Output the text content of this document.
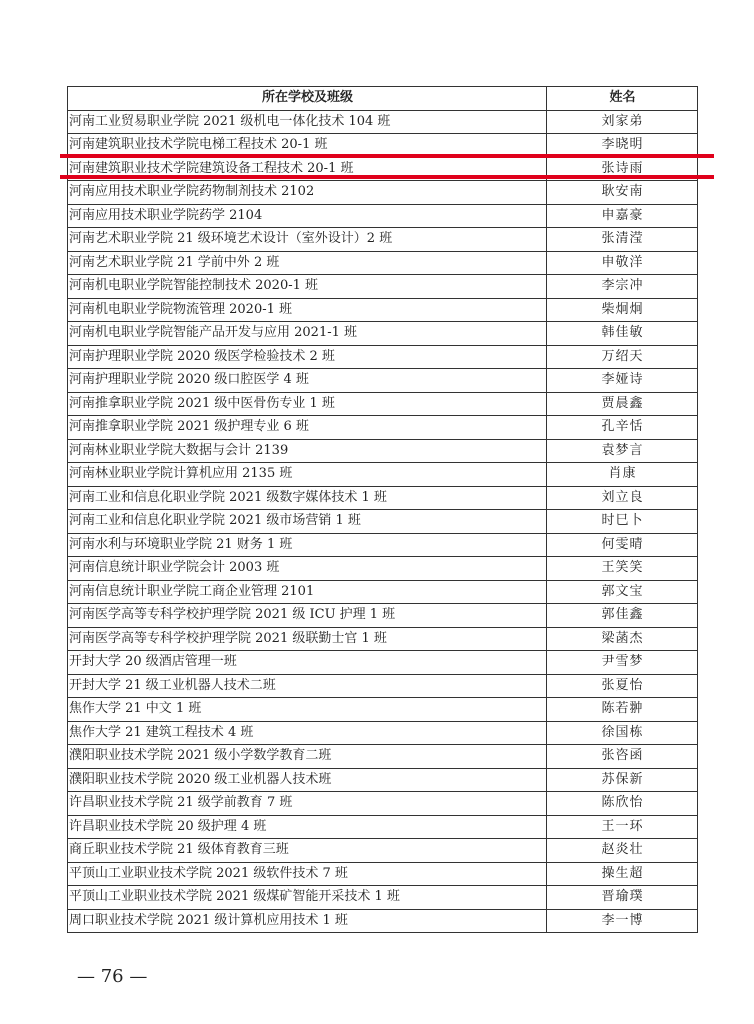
所在学校及班级	姓名
河南工业贸易职业学院 2021 级机电一体化技术 104 班	刘家弟
河南建筑职业技术学院电梯工程技术 20-1 班	李晓明
河南建筑职业技术学院建筑设备工程技术 20-1 班	张诗雨
河南应用技术职业学院药物制剂技术 2102	耿安南
河南应用技术职业学院药学 2104	申嘉豪
河南艺术职业学院 21 级环境艺术设计（室外设计）2 班	张清滢
河南艺术职业学院 21 学前中外 2 班	申敬洋
河南机电职业学院智能控制技术 2020-1 班	李宗冲
河南机电职业学院物流管理 2020-1 班	柴炯炯
河南机电职业学院智能产品开发与应用 2021-1 班	韩佳敏
河南护理职业学院 2020 级医学检验技术 2 班	万绍天
河南护理职业学院 2020 级口腔医学 4 班	李娅诗
河南推拿职业学院 2021 级中医骨伤专业 1 班	贾晨鑫
河南推拿职业学院 2021 级护理专业 6 班	孔辛恬
河南林业职业学院大数据与会计 2139	袁梦言
河南林业职业学院计算机应用 2135 班	肖康
河南工业和信息化职业学院 2021 级数字媒体技术 1 班	刘立良
河南工业和信息化职业学院 2021 级市场营销 1 班	时巳卜
河南水利与环境职业学院 21 财务 1 班	何雯晴
河南信息统计职业学院会计 2003 班	王笑笑
河南信息统计职业学院工商企业管理 2101	郭文宝
河南医学高等专科学校护理学院 2021 级 ICU 护理 1 班	郭佳鑫
河南医学高等专科学校护理学院 2021 级联勤士官 1 班	梁菡杰
开封大学 20 级酒店管理一班	尹雪梦
开封大学 21 级工业机器人技术二班	张夏怡
焦作大学 21 中文 1 班	陈若翀
焦作大学 21 建筑工程技术 4 班	徐国栋
濮阳职业技术学院 2021 级小学数学教育二班	张咨函
濮阳职业技术学院 2020 级工业机器人技术班	苏保新
许昌职业技术学院 21 级学前教育 7 班	陈欣怡
许昌职业技术学院 20 级护理 4 班	王一环
商丘职业技术学院 21 级体育教育三班	赵炎壮
平顶山工业职业技术学院 2021 级软件技术 7 班	操生超
平顶山工业职业技术学院 2021 级煤矿智能开采技术 1 班	晋瑜璞
周口职业技术学院 2021 级计算机应用技术 1 班	李一博
— 76 —
